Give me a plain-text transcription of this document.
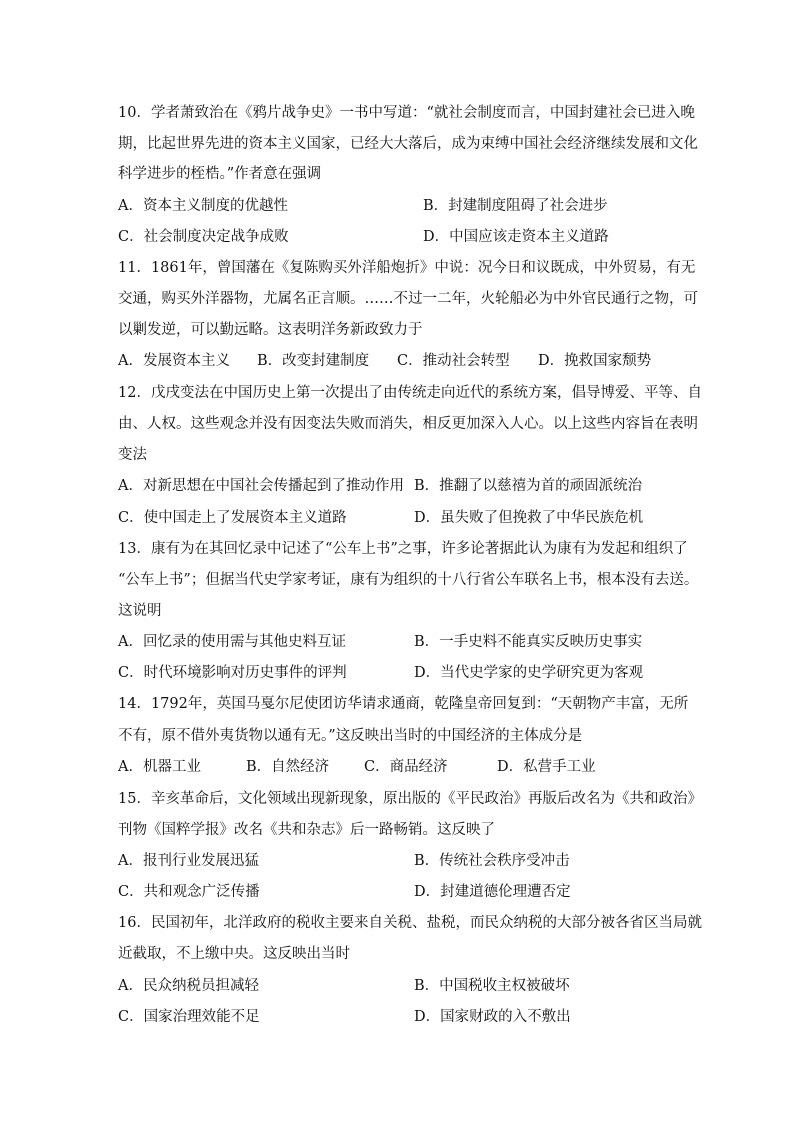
10．学者萧致治在《鸦片战争史》一书中写道：“就社会制度而言，中国封建社会已进入晚
期，比起世界先进的资本主义国家，已经大大落后，成为束缚中国社会经济继续发展和文化
科学进步的桎梏。”作者意在强调
A．资本主义制度的优越性	B．封建制度阻碍了社会进步
C．社会制度决定战争成败	D．中国应该走资本主义道路
11．1861年，曾国藩在《复陈购买外洋船炮折》中说：况今日和议既成，中外贸易，有无
交通，购买外洋器物，尤属名正言顺。……不过一二年，火轮船必为中外官民通行之物，可
以剿发逆，可以勤远略。这表明洋务新政致力于
A．发展资本主义 B．改变封建制度 C．推动社会转型 D．挽救国家颓势
12．戊戌变法在中国历史上第一次提出了由传统走向近代的系统方案，倡导博爱、平等、自
由、人权。这些观念并没有因变法失败而消失，相反更加深入人心。以上这些内容旨在表明
变法
A．对新思想在中国社会传播起到了推动作用 B．推翻了以慈禧为首的顽固派统治
C．使中国走上了发展资本主义道路	D．虽失败了但挽救了中华民族危机
13．康有为在其回忆录中记述了“公车上书”之事，许多论著据此认为康有为发起和组织了
“公车上书”；但据当代史学家考证，康有为组织的十八行省公车联名上书，根本没有去送。
这说明
A．回忆录的使用需与其他史料互证	B．一手史料不能真实反映历史事实
C．时代环境影响对历史事件的评判	D．当代史学家的史学研究更为客观
14．1792年，英国马戛尔尼使团访华请求通商，乾隆皇帝回复到：“天朝物产丰富，无所
不有，原不借外夷货物以通有无。”这反映出当时的中国经济的主体成分是
A．机器工业	B．自然经济 C．商品经济	D．私营手工业
15．辛亥革命后，文化领域出现新现象，原出版的《平民政治》再版后改名为《共和政治》
刊物《国粹学报》改名《共和杂志》后一路畅销。这反映了
A．报刊行业发展迅猛	B．传统社会秩序受冲击
C．共和观念广泛传播	D．封建道德伦理遭否定
16．民国初年，北洋政府的税收主要来自关税、盐税，而民众纳税的大部分被各省区当局就
近截取，不上缴中央。这反映出当时
A．民众纳税员担减轻	B．中国税收主权被破坏
C．国家治理效能不足	D．国家财政的入不敷出
